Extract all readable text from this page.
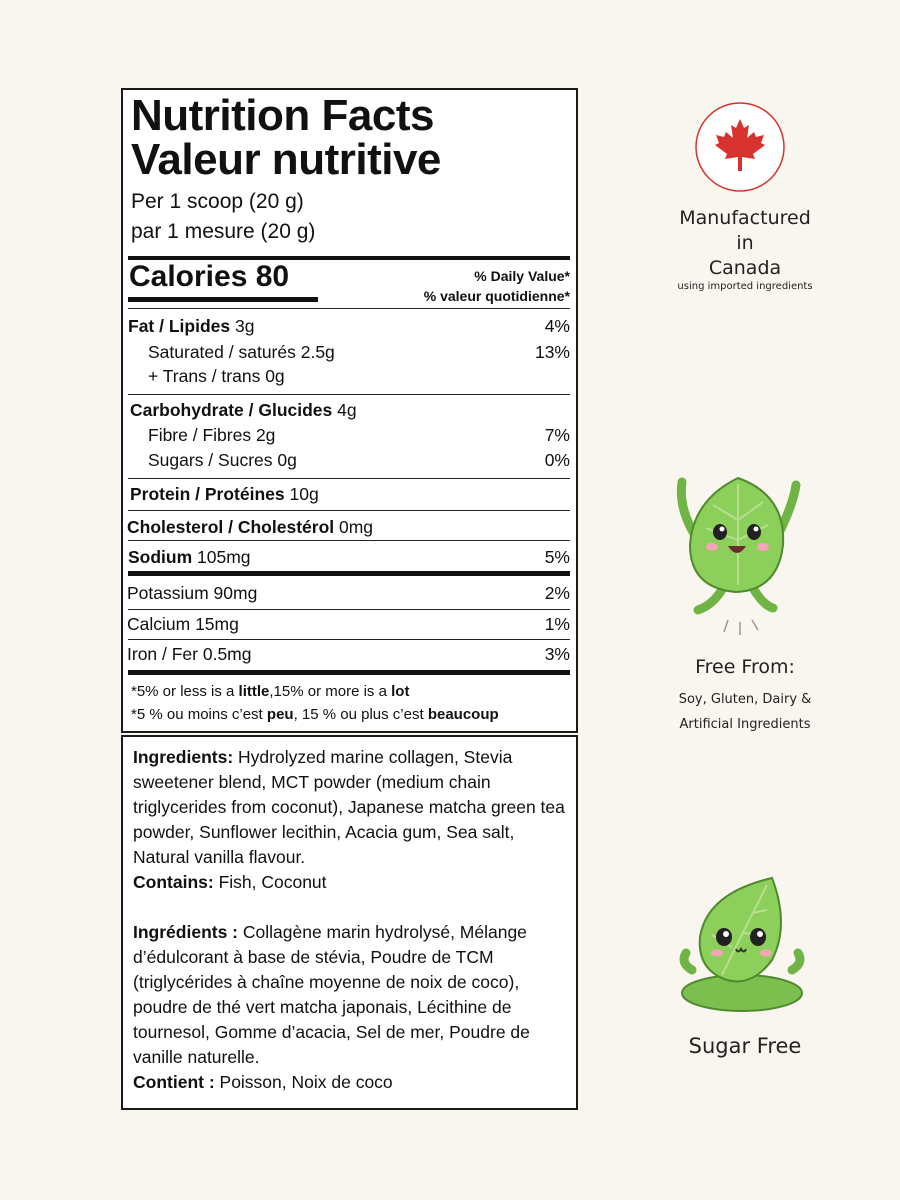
Nutrition Facts
Valeur nutritive
Per 1 scoop (20 g)
par 1 mesure (20 g)
Calories 80	% Daily Value*
% valeur quotidienne*
Fat / Lipides 3g	4%
Saturated / saturés 2.5g	13%
+ Trans / trans 0g
Carbohydrate / Glucides 4g
Fibre / Fibres 2g	7%
Sugars / Sucres 0g	0%
Protein / Protéines 10g
Cholesterol / Cholestérol 0mg
Sodium 105mg	5%
Potassium 90mg	2%
Calcium 15mg	1%
Iron / Fer 0.5mg	3%
*5% or less is a little,15% or more is a lot
*5 % ou moins c’est peu, 15 % ou plus c’est beaucoup
Ingredients: Hydrolyzed marine collagen, Stevia sweetener blend, MCT powder (medium chain triglycerides from coconut), Japanese matcha green tea powder, Sunflower lecithin, Acacia gum, Sea salt, Natural vanilla flavour.
Contains: Fish, Coconut
Ingrédients : Collagène marin hydrolysé, Mélange d’édulcorant à base de stévia, Poudre de TCM (triglycérides à chaîne moyenne de noix de coco), poudre de thé vert matcha japonais, Lécithine de tournesol, Gomme d’acacia, Sel de mer, Poudre de vanille naturelle.
Contient : Poisson, Noix de coco
Manufactured
in
Canada
using imported ingredients
Free From:
Soy, Gluten, Dairy &
Artificial Ingredients
Sugar Free
